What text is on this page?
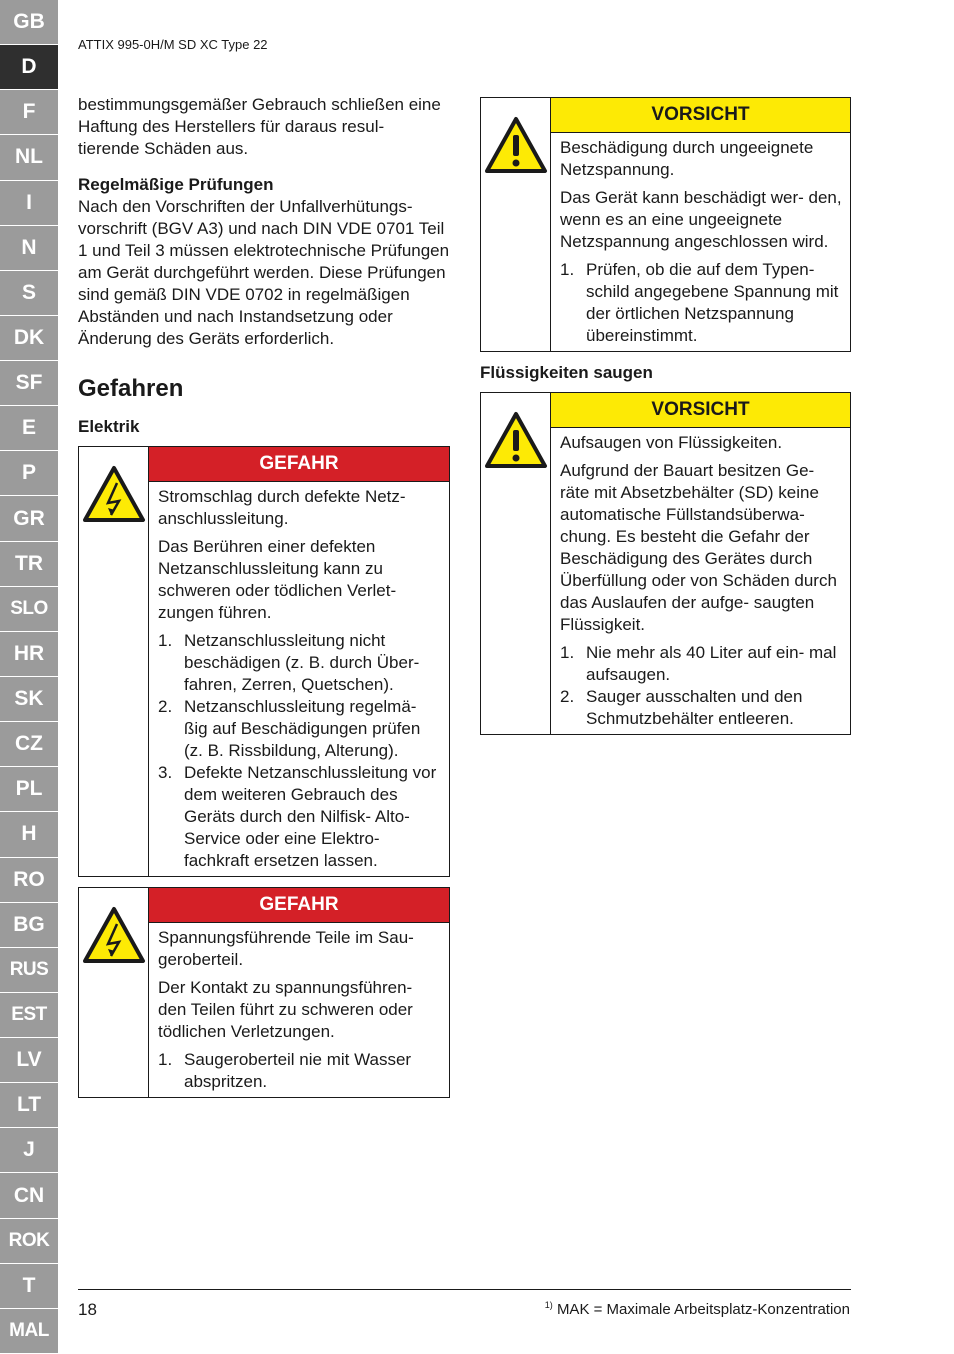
GB
D
F
NL
I
N
S
DK
SF
E
P
GR
TR
SLO
HR
SK
CZ
PL
H
RO
BG
RUS
EST
LV
LT
J
CN
ROK
T
MAL
ATTIX 995-0H/M SD XC Type 22

bestimmungsgemäßer Gebrauch schließen eine Haftung des Herstellers für daraus resul- tierende Schäden aus.

Regelmäßige Prüfungen

Nach den Vorschriften der Unfallverhütungs- vorschrift (BGV A3) und nach DIN VDE 0701 Teil 1 und Teil 3 müssen elektrotechnische Prüfungen am Gerät durchgeführt werden. Diese Prüfungen sind gemäß DIN VDE 0702 in regelmäßigen Abständen und nach Instandsetzung oder Änderung des Geräts erforderlich.

Gefahren

Elektrik

GEFAHR

Stromschlag durch defekte Netz- anschlussleitung.

Das Berühren einer defekten Netzanschlussleitung kann zu schweren oder tödlichen Verlet- zungen führen.

1. Netzanschlussleitung nicht beschädigen (z. B. durch Über- fahren, Zerren, Quetschen).
2. Netzanschlussleitung regelmä- ßig auf Beschädigungen prüfen (z. B. Rissbildung, Alterung).
3. Defekte Netzanschlussleitung vor dem weiteren Gebrauch des Geräts durch den Nilfisk- Alto-Service oder eine Elektro- fachkraft ersetzen lassen.
GEFAHR

Spannungsführende Teile im Sau- geroberteil.

Der Kontakt zu spannungsführen- den Teilen führt zu schweren oder tödlichen Verletzungen.

1. Saugeroberteil nie mit Wasser abspritzen.
VORSICHT

Beschädigung durch ungeeignete Netzspannung.

Das Gerät kann beschädigt wer- den, wenn es an eine ungeeignete Netzspannung angeschlossen wird.

1. Prüfen, ob die auf dem Typen- schild angegebene Spannung mit der örtlichen Netzspannung übereinstimmt.

Flüssigkeiten saugen

VORSICHT

Aufsaugen von Flüssigkeiten.

Aufgrund der Bauart besitzen Ge- räte mit Absetzbehälter (SD) keine automatische Füllstandsüberwa- chung. Es besteht die Gefahr der Beschädigung des Gerätes durch Überfüllung oder von Schäden durch das Auslaufen der aufge- saugten Flüssigkeit.

1. Nie mehr als 40 Liter auf ein- mal aufsaugen.
2. Sauger ausschalten und den Schmutzbehälter entleeren.
18	$^{1)}$ MAK = Maximale Arbeitsplatz-Konzentration
